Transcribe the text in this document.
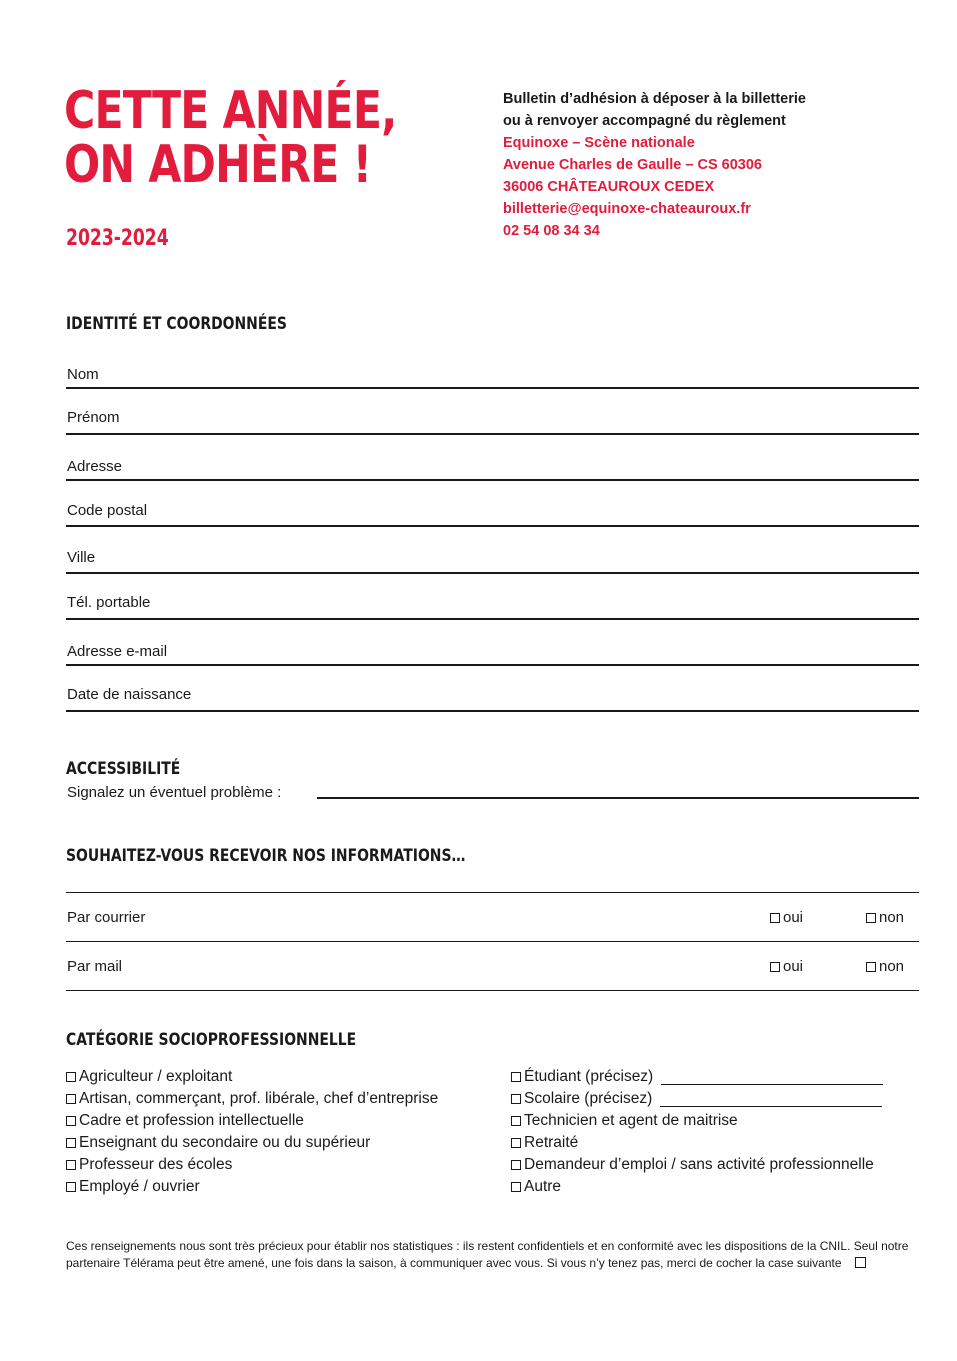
CETTE ANNÉE,
ON ADHÈRE !
2023-2024
Bulletin d’adhésion à déposer à la billetterie
ou à renvoyer accompagné du règlement
Equinoxe – Scène nationale
Avenue Charles de Gaulle – CS 60306
36006 CHÂTEAUROUX CEDEX
billetterie@equinoxe-chateauroux.fr
02 54 08 34 34
IDENTITÉ ET COORDONNÉES
Nom
Prénom
Adresse
Code postal
Ville
Tél. portable
Adresse e-mail
Date de naissance
ACCESSIBILITÉ
Signalez un éventuel problème :
SOUHAITEZ-VOUS RECEVOIR NOS INFORMATIONS…
Par courrier	oui	non
Par mail	oui	non
CATÉGORIE SOCIOPROFESSIONNELLE
Agriculteur / exploitant
Artisan, commerçant, prof. libérale, chef d’entreprise
Cadre et profession intellectuelle
Enseignant du secondaire ou du supérieur
Professeur des écoles
Employé / ouvrier
Étudiant (précisez)
Scolaire (précisez)
Technicien et agent de maitrise
Retraité
Demandeur d’emploi / sans activité professionnelle
Autre
Ces renseignements nous sont très précieux pour établir nos statistiques : ils restent confidentiels et en conformité avec les dispositions de la CNIL. Seul notre partenaire Télérama peut être amené, une fois dans la saison, à communiquer avec vous. Si vous n’y tenez pas, merci de cocher la case suivante
